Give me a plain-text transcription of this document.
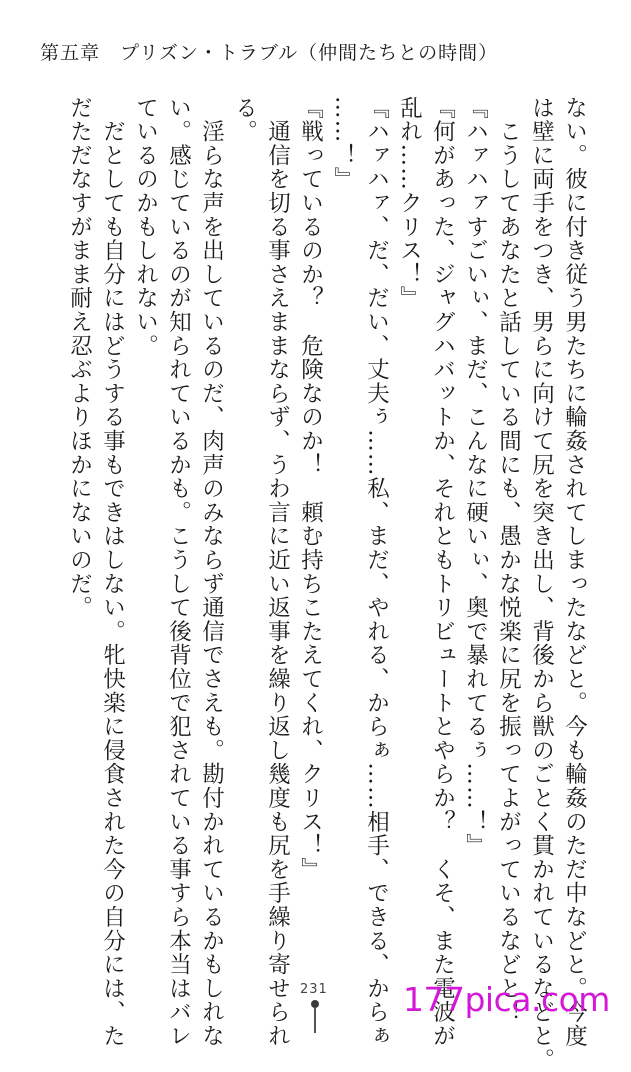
第五章　プリズン・トラブル（仲間たちとの時間）
ない。彼に付き従う男たちに輪姦されてしまったなどと。今も輪姦のただ中などと。今度
は壁に両手をつき、男らに向けて尻を突き出し、背後から獣のごとく貫かれているなどと。
　こうしてあなたと話している間にも、愚かな悦楽に尻を振ってよがっているなどと！
『ハァハァすごいぃ、まだ、こんなに硬いぃ、奥で暴れてるぅ……！』
『何があった、ジャグハバットか、それともトリビュートとやらか？　くそ、また電波が
乱れ……クリス！』
『ハァハァ、だ、だい、丈夫ぅ……私、まだ、やれる、からぁ……相手、できる、からぁ
……！』
『戦っているのか？　危険なのか！　頼む持ちこたえてくれ、クリス！』
　通信を切る事さえままならず、うわ言に近い返事を繰り返し幾度も尻を手繰り寄せられ
る。
　淫らな声を出しているのだ、肉声のみならず通信でさえも。勘付かれているかもしれな
い。感じているのが知られているかも。こうして後背位で犯されている事すら本当はバレ
ているのかもしれない。
　だとしても自分にはどうする事もできはしない。牝快楽に侵食された今の自分には、た
だただなすがまま耐え忍ぶよりほかにないのだ。
231 177pica.com
